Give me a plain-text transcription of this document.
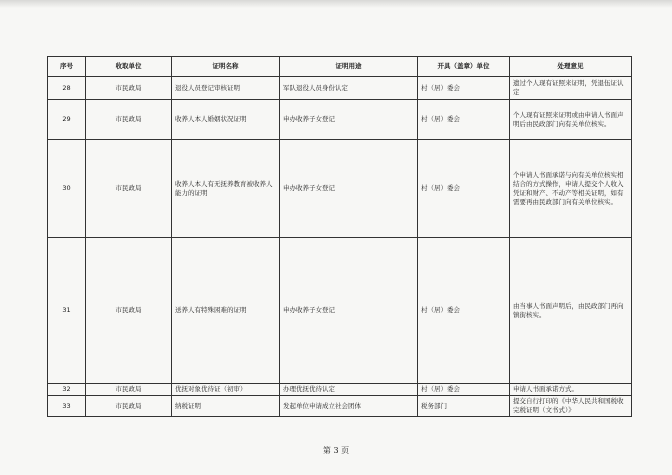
序号	收取单位	证明名称	证明用途	开具（盖章）单位	处理意见
28	市民政局	退役人员登记审核证明	军队退役人员身份认定	村（居）委会	遗过个人现有证照来证明，凭退伍证认定
29	市民政局	收养人本人婚姻状况证明	申办收养子女登记	村（居）委会	个人现有证照来证明或由申请人书面声明后由民政部门向有关单位核实。
30	市民政局	收养人本人有无抚养教育被收养人能力的证明	申办收养子女登记	村（居）委会	个申请人书面承诺与向有关单位核实相结合的方式操作，申请人提交个人收入凭证和财产、不动产等相关证明，如有需要再由民政部门向有关单位核实。
31	市民政局	送养人有特殊困难的证明	申办收养子女登记	村（居）委会	由当事人书面声明后，由民政部门再向镇街核实。
32	市民政局	优抚对象优待证（初审）	办理优抚优待认定	村（居）委会	申请人书面承诺方式。
33	市民政局	纳税证明	发起单位申请成立社会团体	税务部门	提交自行打印的《中华人民共和国税收完税证明（文书式）》
第 3 页
